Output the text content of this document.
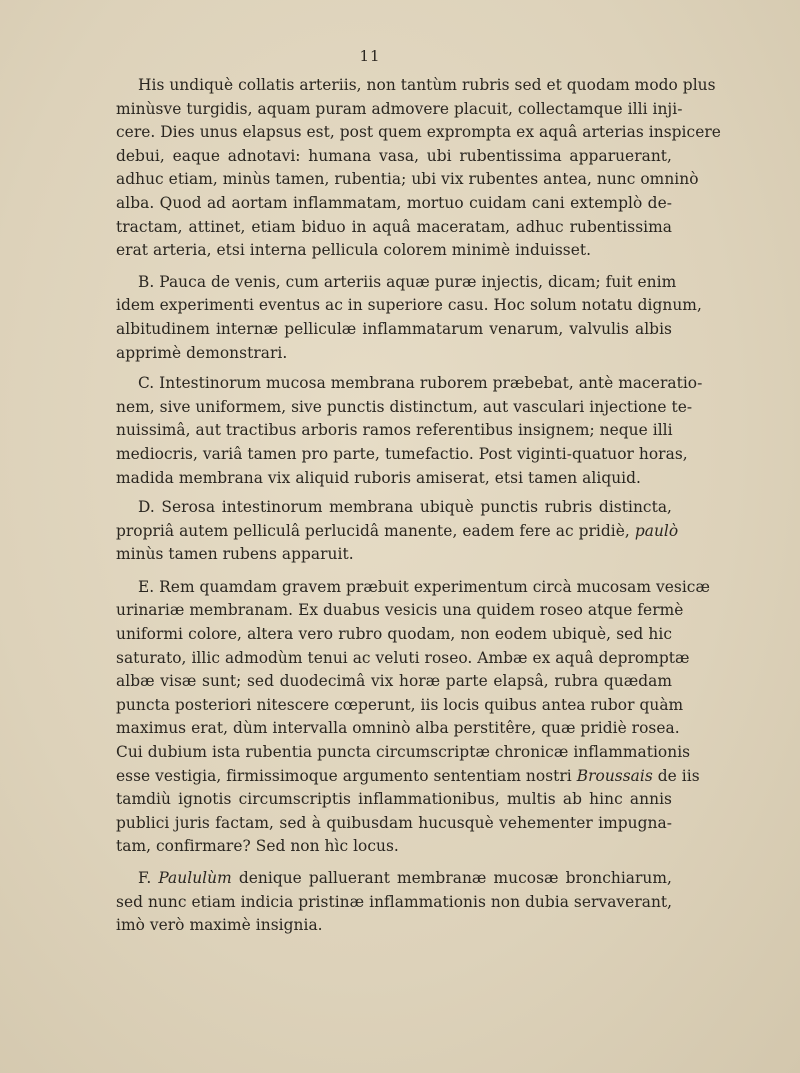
11
His undiquè collatis arteriis, non tantùm rubris sed et quodam modo plus
minùsve turgidis, aquam puram admovere placuit, collectamque illi inji-
cere. Dies unus elapsus est, post quem exprompta ex aquâ arterias inspicere
debui, eaque adnotavi: humana vasa, ubi rubentissima apparuerant,
adhuc etiam, minùs tamen, rubentia; ubi vix rubentes antea, nunc omninò
alba. Quod ad aortam inflammatam, mortuo cuidam cani extemplò de-
tractam, attinet, etiam biduo in aquâ maceratam, adhuc rubentissima
erat arteria, etsi interna pellicula colorem minimè induisset.
B. Pauca de venis, cum arteriis aquæ puræ injectis, dicam; fuit enim
idem experimenti eventus ac in superiore casu. Hoc solum notatu dignum,
albitudinem internæ pelliculæ inflammatarum venarum, valvulis albis
apprimè demonstrari.
C. Intestinorum mucosa membrana ruborem præbebat, antè maceratio-
nem, sive uniformem, sive punctis distinctum, aut vasculari injectione te-
nuissimâ, aut tractibus arboris ramos referentibus insignem; neque illi
mediocris, variâ tamen pro parte, tumefactio. Post viginti-quatuor horas,
madida membrana vix aliquid ruboris amiserat, etsi tamen aliquid.
D. Serosa intestinorum membrana ubiquè punctis rubris distincta,
propriâ autem pelliculâ perlucidâ manente, eadem fere ac pridiè, paulò
minùs tamen rubens apparuit.
E. Rem quamdam gravem præbuit experimentum circà mucosam vesicæ
urinariæ membranam. Ex duabus vesicis una quidem roseo atque fermè
uniformi colore, altera vero rubro quodam, non eodem ubiquè, sed hic
saturato, illic admodùm tenui ac veluti roseo. Ambæ ex aquâ depromptæ
albæ visæ sunt; sed duodecimâ vix horæ parte elapsâ, rubra quædam
puncta posteriori nitescere cœperunt, iis locis quibus antea rubor quàm
maximus erat, dùm intervalla omninò alba perstitêre, quæ pridiè rosea.
Cui dubium ista rubentia puncta circumscriptæ chronicæ inflammationis
esse vestigia, firmissimoque argumento sententiam nostri Broussais de iis
tamdiù ignotis circumscriptis inflammationibus, multis ab hinc annis
publici juris factam, sed à quibusdam hucusquè vehementer impugna-
tam, confirmare? Sed non hìc locus.
F. Paululùm denique palluerant membranæ mucosæ bronchiarum,
sed nunc etiam indicia pristinæ inflammationis non dubia servaverant,
imò verò maximè insignia.
